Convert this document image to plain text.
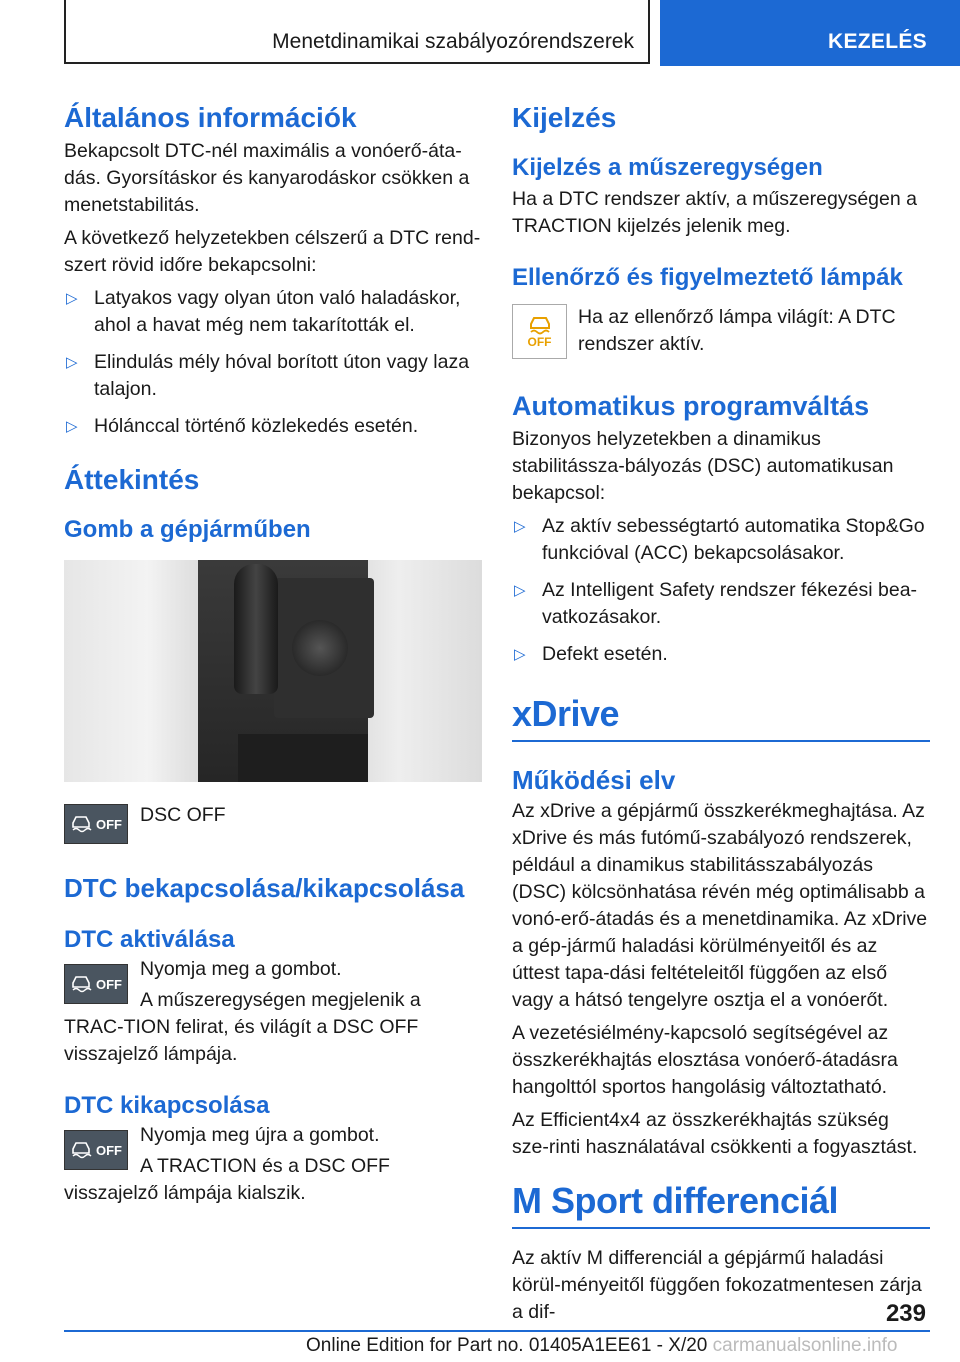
Menetdinamikai szabályozórendszerek	KEZELÉS
Általános információk
Bekapcsolt DTC-nél maximális a vonóerő-áta-dás. Gyorsításkor és kanyarodáskor csökken a menetstabilitás.
A következő helyzetekben célszerű a DTC rend-szert rövid időre bekapcsolni:
▷ Latyakos vagy olyan úton való haladáskor, ahol a havat még nem takarították el.
▷ Elindulás mély hóval borított úton vagy laza talajon.
▷ Hólánccal történő közlekedés esetén.
Áttekintés
Gomb a gépjárműben
OFF DSC OFF
DTC bekapcsolása/kikapcsolása
DTC aktiválása
OFF
Nyomja meg a gombot.
A műszeregységen megjelenik a TRAC-TION felirat, és világít a DSC OFF visszajelző lámpája.
DTC kikapcsolása
OFF
Nyomja meg újra a gombot.
A TRACTION és a DSC OFF visszajelző lámpája kialszik.
Kijelzés
Kijelzés a műszeregységen
Ha a DTC rendszer aktív, a műszeregységen a TRACTION kijelzés jelenik meg.
Ellenőrző és figyelmeztető lámpák
OFF
Ha az ellenőrző lámpa világít: A DTC rendszer aktív.
Automatikus programváltás
Bizonyos helyzetekben a dinamikus stabilitássza-bályozás (DSC) automatikusan bekapcsol:
▷ Az aktív sebességtartó automatika Stop&Go funkcióval (ACC) bekapcsolásakor.
▷ Az Intelligent Safety rendszer fékezési bea-vatkozásakor.
▷ Defekt esetén.
xDrive
Működési elv
Az xDrive a gépjármű összkerékmeghajtása. Az xDrive és más futómű-szabályozó rendszerek, például a dinamikus stabilitásszabályozás (DSC) kölcsönhatása révén még optimálisabb a vonó-erő-átadás és a menetdinamika. Az xDrive a gép-jármű haladási körülményeitől és az úttest tapa-dási feltételeitől függően az első vagy a hátsó tengelyre osztja el a vonóerőt.
A vezetésiélmény-kapcsoló segítségével az összkerékhajtás elosztása vonóerő-átadásra hangolttól sportos hangolásig változtatható.
Az Efficient4x4 az összkerékhajtás szükség sze-rinti használatával csökkenti a fogyasztást.
M Sport differenciál
Az aktív M differenciál a gépjármű haladási körül-ményeitől függően fokozatmentesen zárja a dif-	239
Online Edition for Part no. 01405A1EE61 - X/20 carmanualsonline.info
